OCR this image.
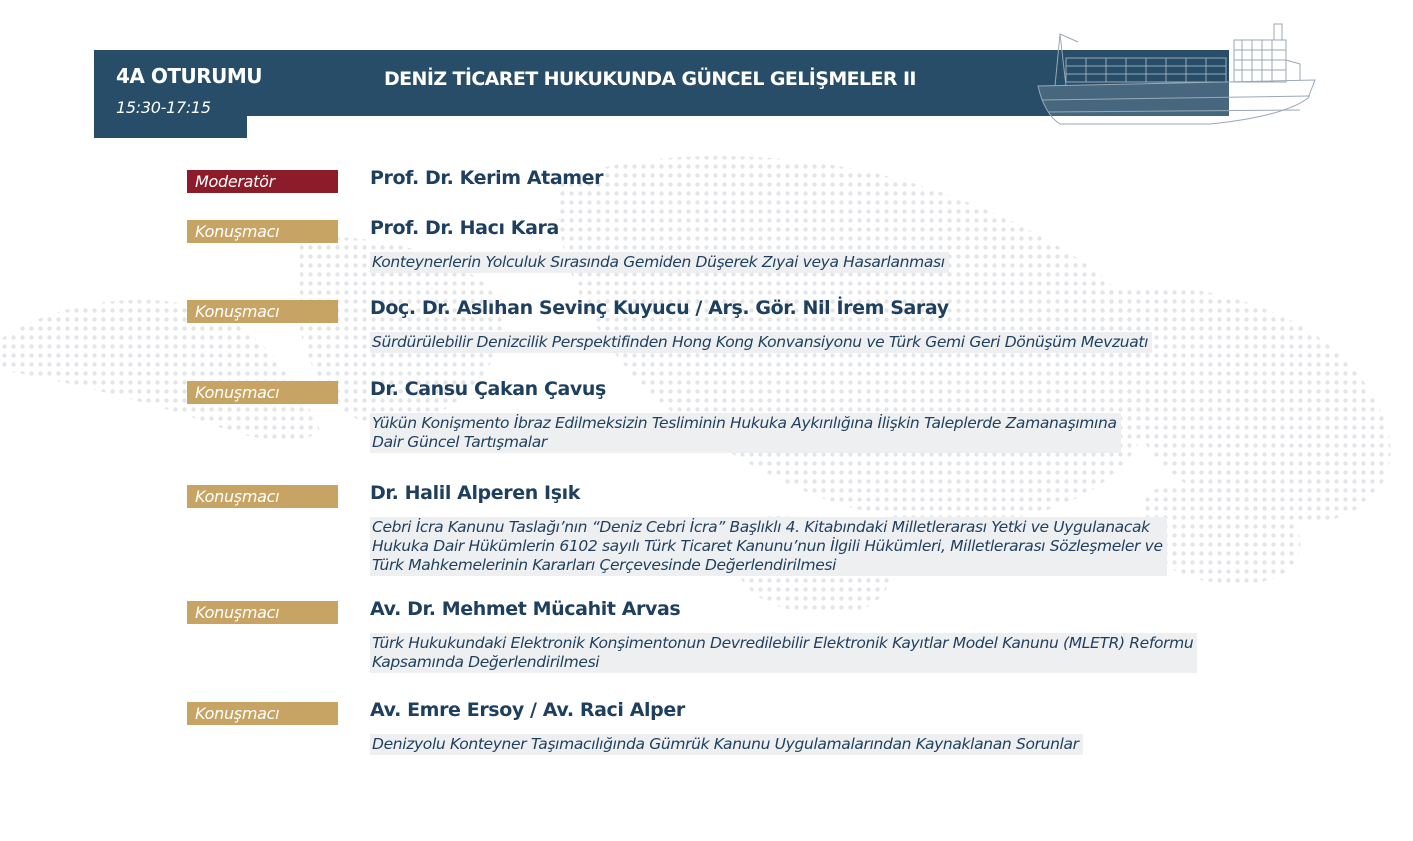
4A OTURUMU
15:30-17:15
DENİZ TİCARET HUKUKUNDA GÜNCEL GELİŞMELER II
Moderatör	Prof. Dr. Kerim Atamer
Konuşmacı	Prof. Dr. Hacı Kara
Konteynerlerin Yolculuk Sırasında Gemiden Düşerek Zıyai veya Hasarlanması
Konuşmacı	Doç. Dr. Aslıhan Sevinç Kuyucu / Arş. Gör. Nil İrem Saray
Sürdürülebilir Denizcilik Perspektifinden Hong Kong Konvansiyonu ve Türk Gemi Geri Dönüşüm Mevzuatı
Konuşmacı	Dr. Cansu Çakan Çavuş
Yükün Konişmento İbraz Edilmeksizin Tesliminin Hukuka Aykırılığına İlişkin Taleplerde Zamanaşımına
Dair Güncel Tartışmalar
Konuşmacı	Dr. Halil Alperen Işık
Cebri İcra Kanunu Taslağı’nın “Deniz Cebri İcra” Başlıklı 4. Kitabındaki Milletlerarası Yetki ve Uygulanacak
Hukuka Dair Hükümlerin 6102 sayılı Türk Ticaret Kanunu’nun İlgili Hükümleri, Milletlerarası Sözleşmeler ve
Türk Mahkemelerinin Kararları Çerçevesinde Değerlendirilmesi
Konuşmacı	Av. Dr. Mehmet Mücahit Arvas
Türk Hukukundaki Elektronik Konşimentonun Devredilebilir Elektronik Kayıtlar Model Kanunu (MLETR) Reformu
Kapsamında Değerlendirilmesi
Konuşmacı	Av. Emre Ersoy / Av. Raci Alper
Denizyolu Konteyner Taşımacılığında Gümrük Kanunu Uygulamalarından Kaynaklanan Sorunlar
